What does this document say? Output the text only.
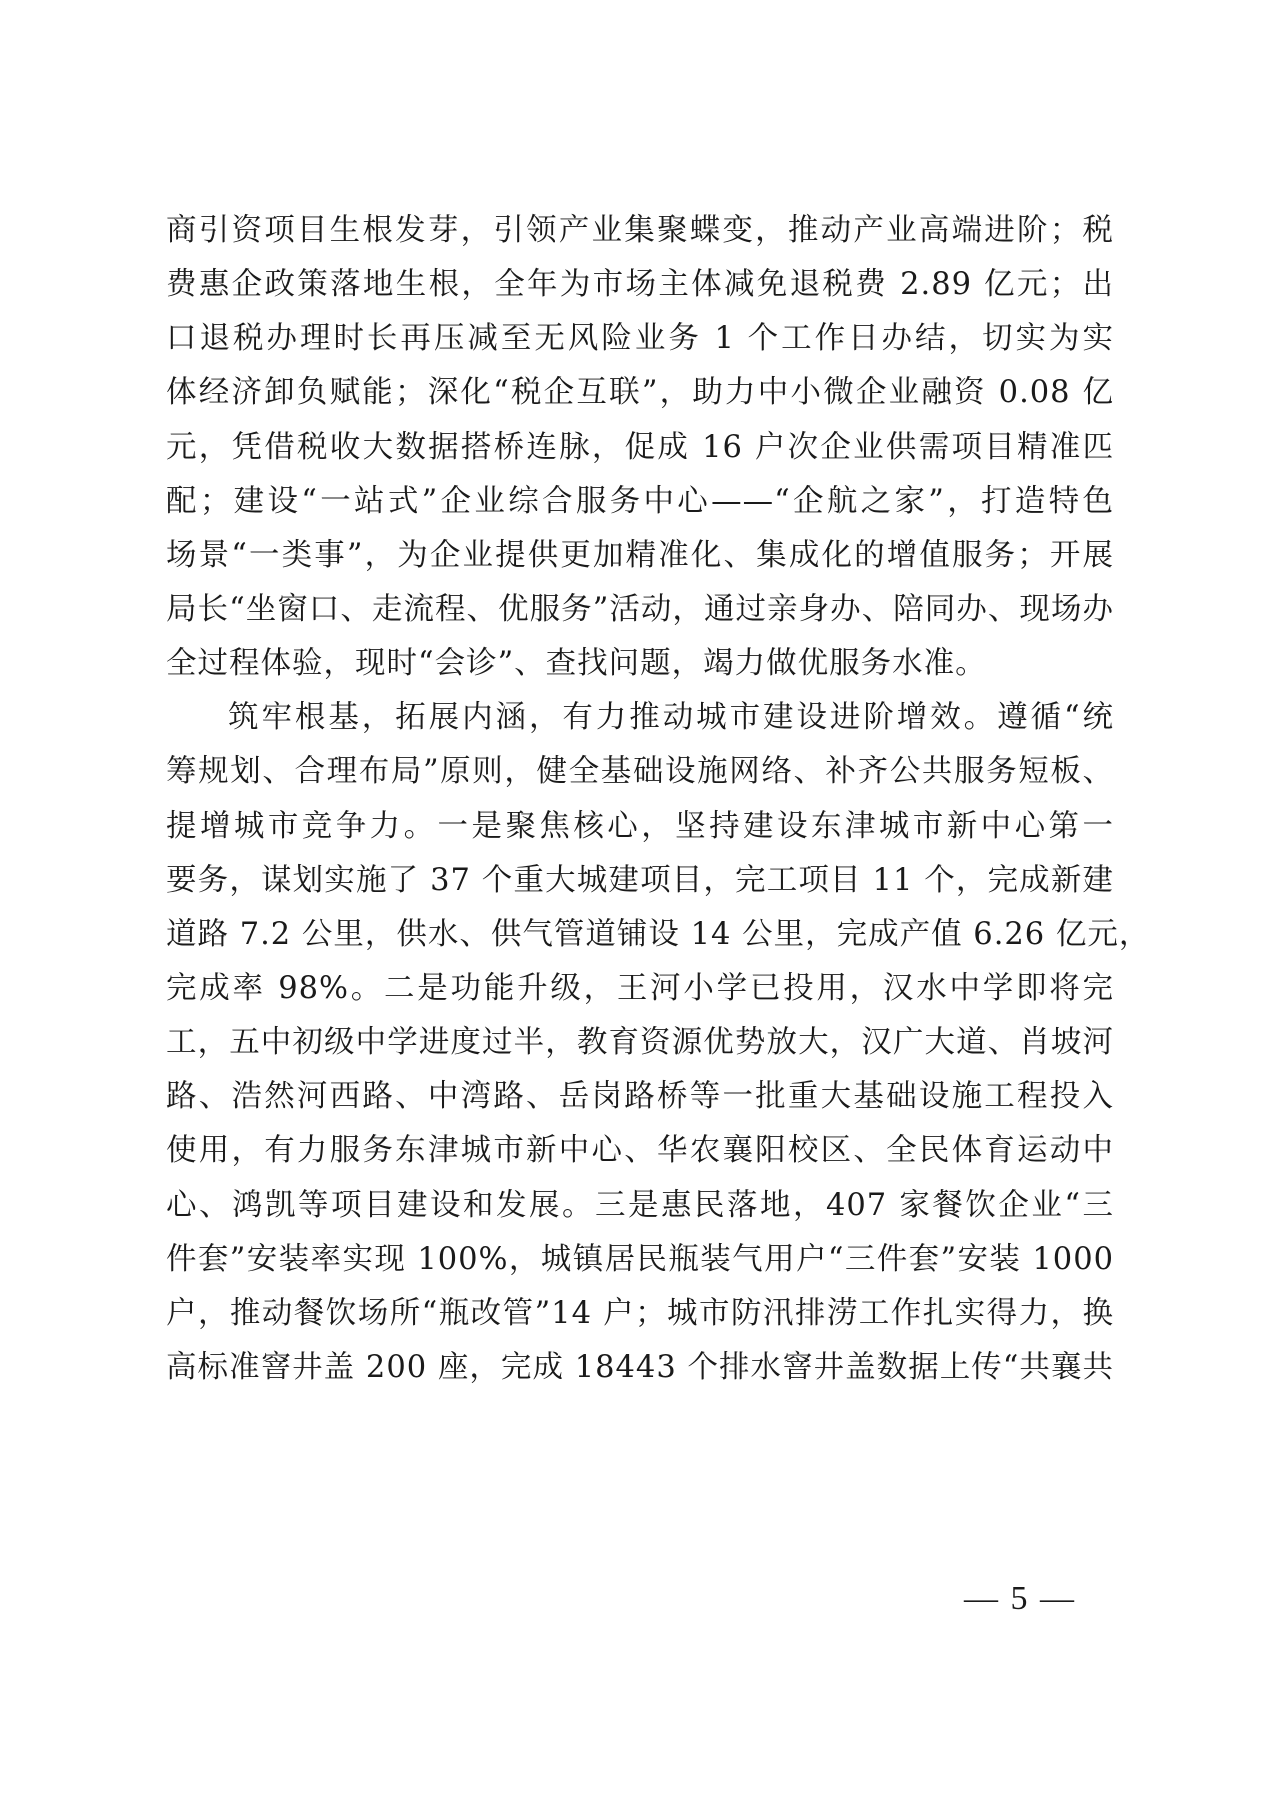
商引资项目生根发芽，引领产业集聚蝶变，推动产业高端进阶；税
费惠企政策落地生根，全年为市场主体减免退税费 2.89 亿元；出
口退税办理时长再压减至无风险业务 1 个工作日办结，切实为实
体经济卸负赋能；深化“税企互联”，助力中小微企业融资 0.08 亿
元，凭借税收大数据搭桥连脉，促成 16 户次企业供需项目精准匹
配；建设“一站式”企业综合服务中心——“企航之家”，打造特色
场景“一类事”，为企业提供更加精准化、集成化的增值服务；开展
局长“坐窗口、走流程、优服务”活动，通过亲身办、陪同办、现场办
全过程体验，现时“会诊”、查找问题，竭力做优服务水准。
筑牢根基，拓展内涵，有力推动城市建设进阶增效。遵循“统
筹规划、合理布局”原则，健全基础设施网络、补齐公共服务短板、
提增城市竞争力。一是聚焦核心，坚持建设东津城市新中心第一
要务，谋划实施了 37 个重大城建项目，完工项目 11 个，完成新建
道路 7.2 公里，供水、供气管道铺设 14 公里，完成产值 6.26 亿元，
完成率 98%。二是功能升级，王河小学已投用，汉水中学即将完
工，五中初级中学进度过半，教育资源优势放大，汉广大道、肖坡河
路、浩然河西路、中湾路、岳岗路桥等一批重大基础设施工程投入
使用，有力服务东津城市新中心、华农襄阳校区、全民体育运动中
心、鸿凯等项目建设和发展。三是惠民落地，407 家餐饮企业“三
件套”安装率实现 100%，城镇居民瓶装气用户“三件套”安装 1000
户，推动餐饮场所“瓶改管”14 户；城市防汛排涝工作扎实得力，换
高标准窨井盖 200 座，完成 18443 个排水窨井盖数据上传“共襄共
— 5 —
